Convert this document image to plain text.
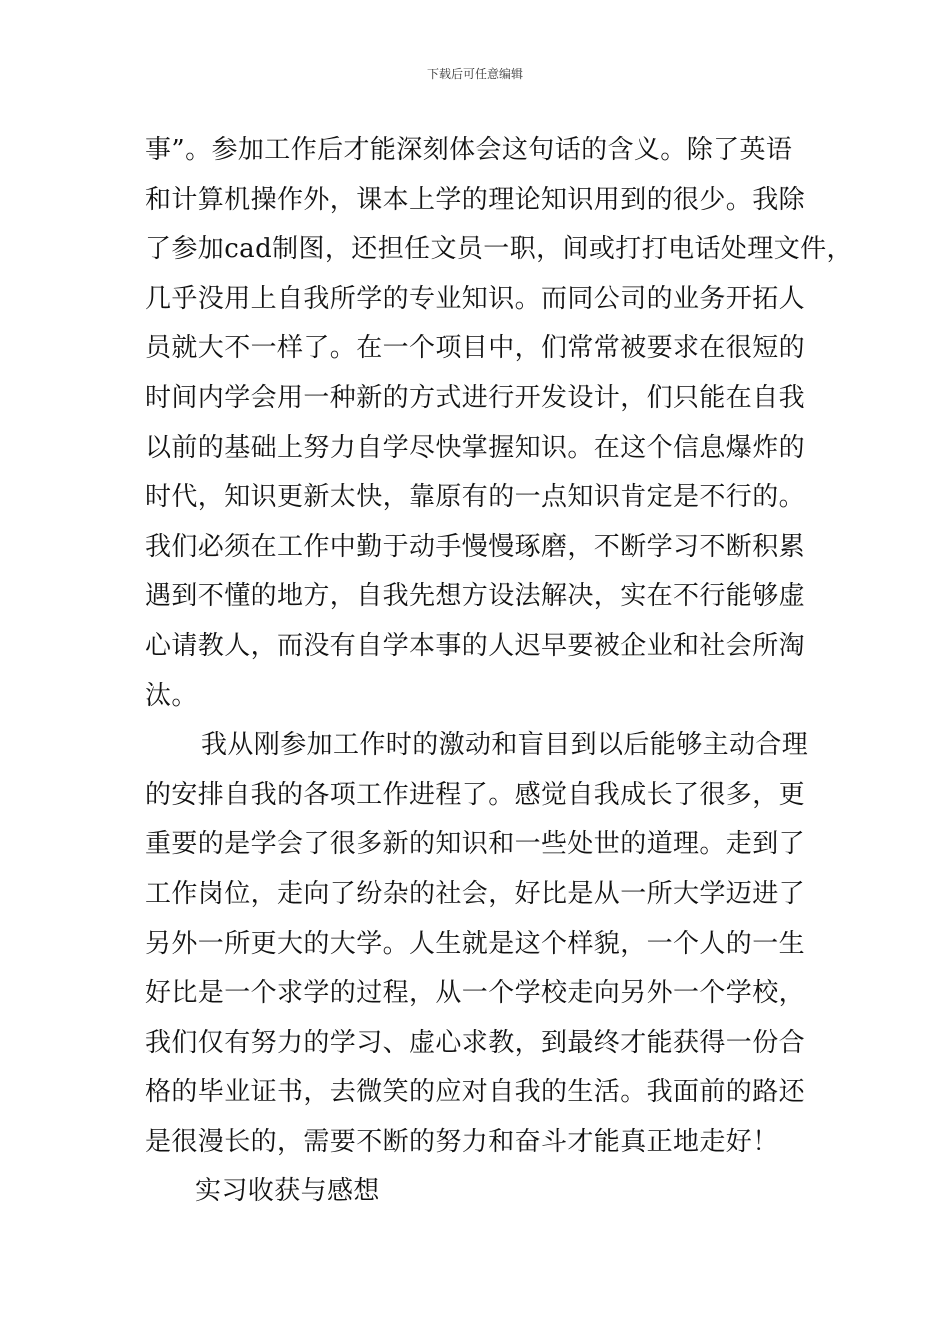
下载后可任意编辑
事”。参加工作后才能深刻体会这句话的含义。除了英语
和计算机操作外，课本上学的理论知识用到的很少。我除
了参加cad制图，还担任文员一职，间或打打电话处理文件，
几乎没用上自我所学的专业知识。而同公司的业务开拓人
员就大不一样了。在一个项目中，们常常被要求在很短的
时间内学会用一种新的方式进行开发设计，们只能在自我
以前的基础上努力自学尽快掌握知识。在这个信息爆炸的
时代，知识更新太快，靠原有的一点知识肯定是不行的。
我们必须在工作中勤于动手慢慢琢磨，不断学习不断积累
遇到不懂的地方，自我先想方设法解决，实在不行能够虚
心请教人，而没有自学本事的人迟早要被企业和社会所淘
汰。
我从刚参加工作时的激动和盲目到以后能够主动合理
的安排自我的各项工作进程了。感觉自我成长了很多，更
重要的是学会了很多新的知识和一些处世的道理。走到了
工作岗位，走向了纷杂的社会，好比是从一所大学迈进了
另外一所更大的大学。人生就是这个样貌，一个人的一生
好比是一个求学的过程，从一个学校走向另外一个学校，
我们仅有努力的学习、虚心求教，到最终才能获得一份合
格的毕业证书，去微笑的应对自我的生活。我面前的路还
是很漫长的，需要不断的努力和奋斗才能真正地走好！
实习收获与感想
